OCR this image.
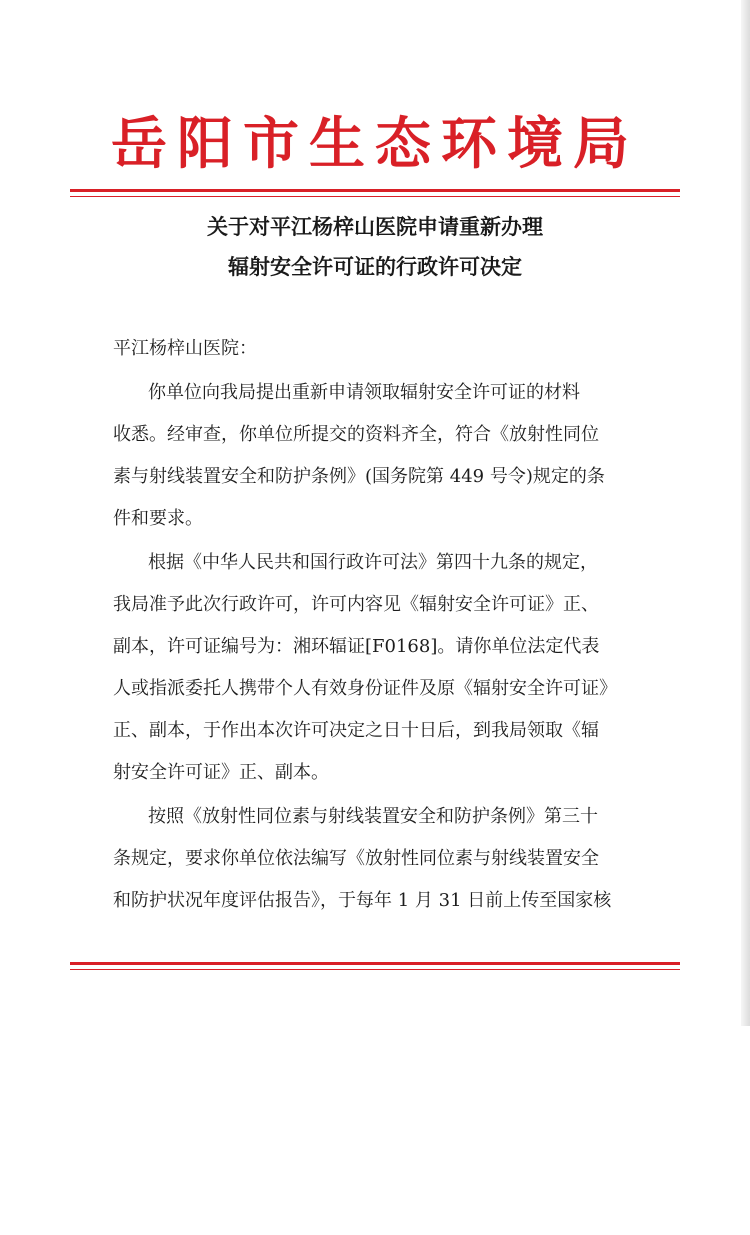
岳阳市生态环境局
关于对平江杨梓山医院申请重新办理
辐射安全许可证的行政许可决定
平江杨梓山医院：
你单位向我局提出重新申请领取辐射安全许可证的材料
收悉。经审查，你单位所提交的资料齐全，符合《放射性同位
素与射线装置安全和防护条例》(国务院第 449 号令)规定的条
件和要求。
根据《中华人民共和国行政许可法》第四十九条的规定，
我局准予此次行政许可，许可内容见《辐射安全许可证》正、
副本，许可证编号为：湘环辐证[F0168]。请你单位法定代表
人或指派委托人携带个人有效身份证件及原《辐射安全许可证》
正、副本，于作出本次许可决定之日十日后，到我局领取《辐
射安全许可证》正、副本。
按照《放射性同位素与射线装置安全和防护条例》第三十
条规定，要求你单位依法编写《放射性同位素与射线装置安全
和防护状况年度评估报告》，于每年 1 月 31 日前上传至国家核
